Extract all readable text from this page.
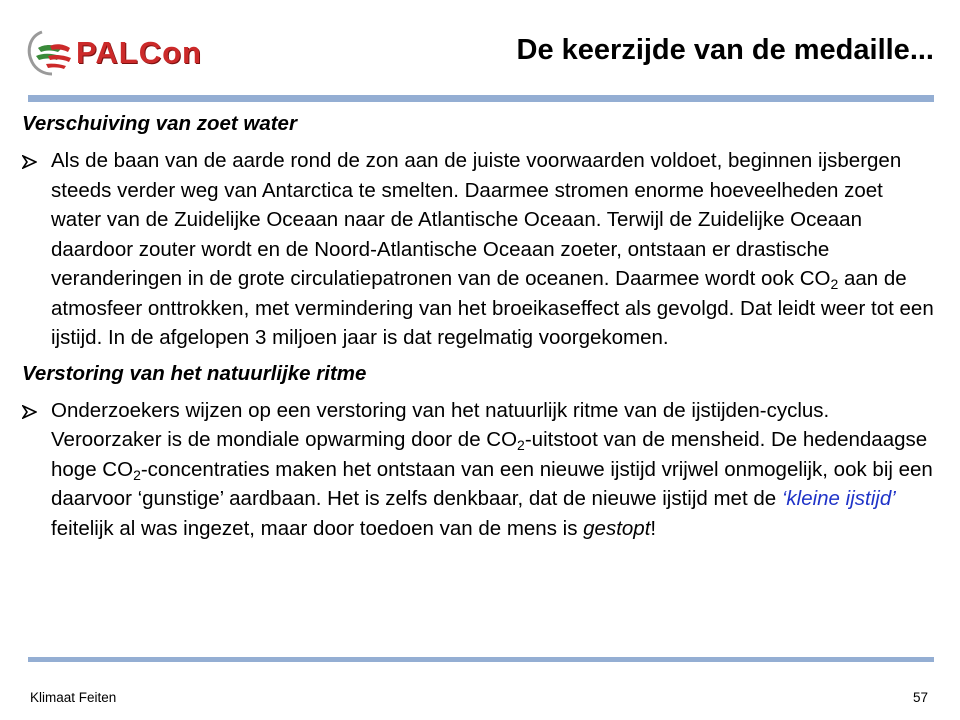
PALCon	De keerzijde van de medaille...

Verschuiving van zoet water

Als de baan van de aarde rond de zon aan de juiste voorwaarden voldoet, beginnen ijsbergen steeds verder weg van Antarctica te smelten. Daarmee stromen enorme hoeveelheden zoet water van de Zuidelijke Oceaan naar de Atlantische Oceaan. Terwijl de Zuidelijke Oceaan daardoor zouter wordt en de Noord-Atlantische Oceaan zoeter, ontstaan er drastische veranderingen in de grote circulatiepatronen van de oceanen. Daarmee wordt ook $CO_2$ aan de atmosfeer onttrokken, met vermindering van het broeikaseffect als gevolgd. Dat leidt weer tot een ijstijd. In de afgelopen 3 miljoen jaar is dat regelmatig voorgekomen.

Verstoring van het natuurlijke ritme

Onderzoekers wijzen op een verstoring van het natuurlijk ritme van de ijstijden-cyclus. Veroorzaker is de mondiale opwarming door de $CO_2$-uitstoot van de mensheid. De hedendaagse hoge $CO_2$-concentraties maken het ontstaan van een nieuwe ijstijd vrijwel onmogelijk, ook bij een daarvoor ‘gunstige’ aardbaan. Het is zelfs denkbaar, dat de nieuwe ijstijd met de ‘kleine ijstijd’ feitelijk al was ingezet, maar door toedoen van de mens is gestopt!
Klimaat Feiten	57
